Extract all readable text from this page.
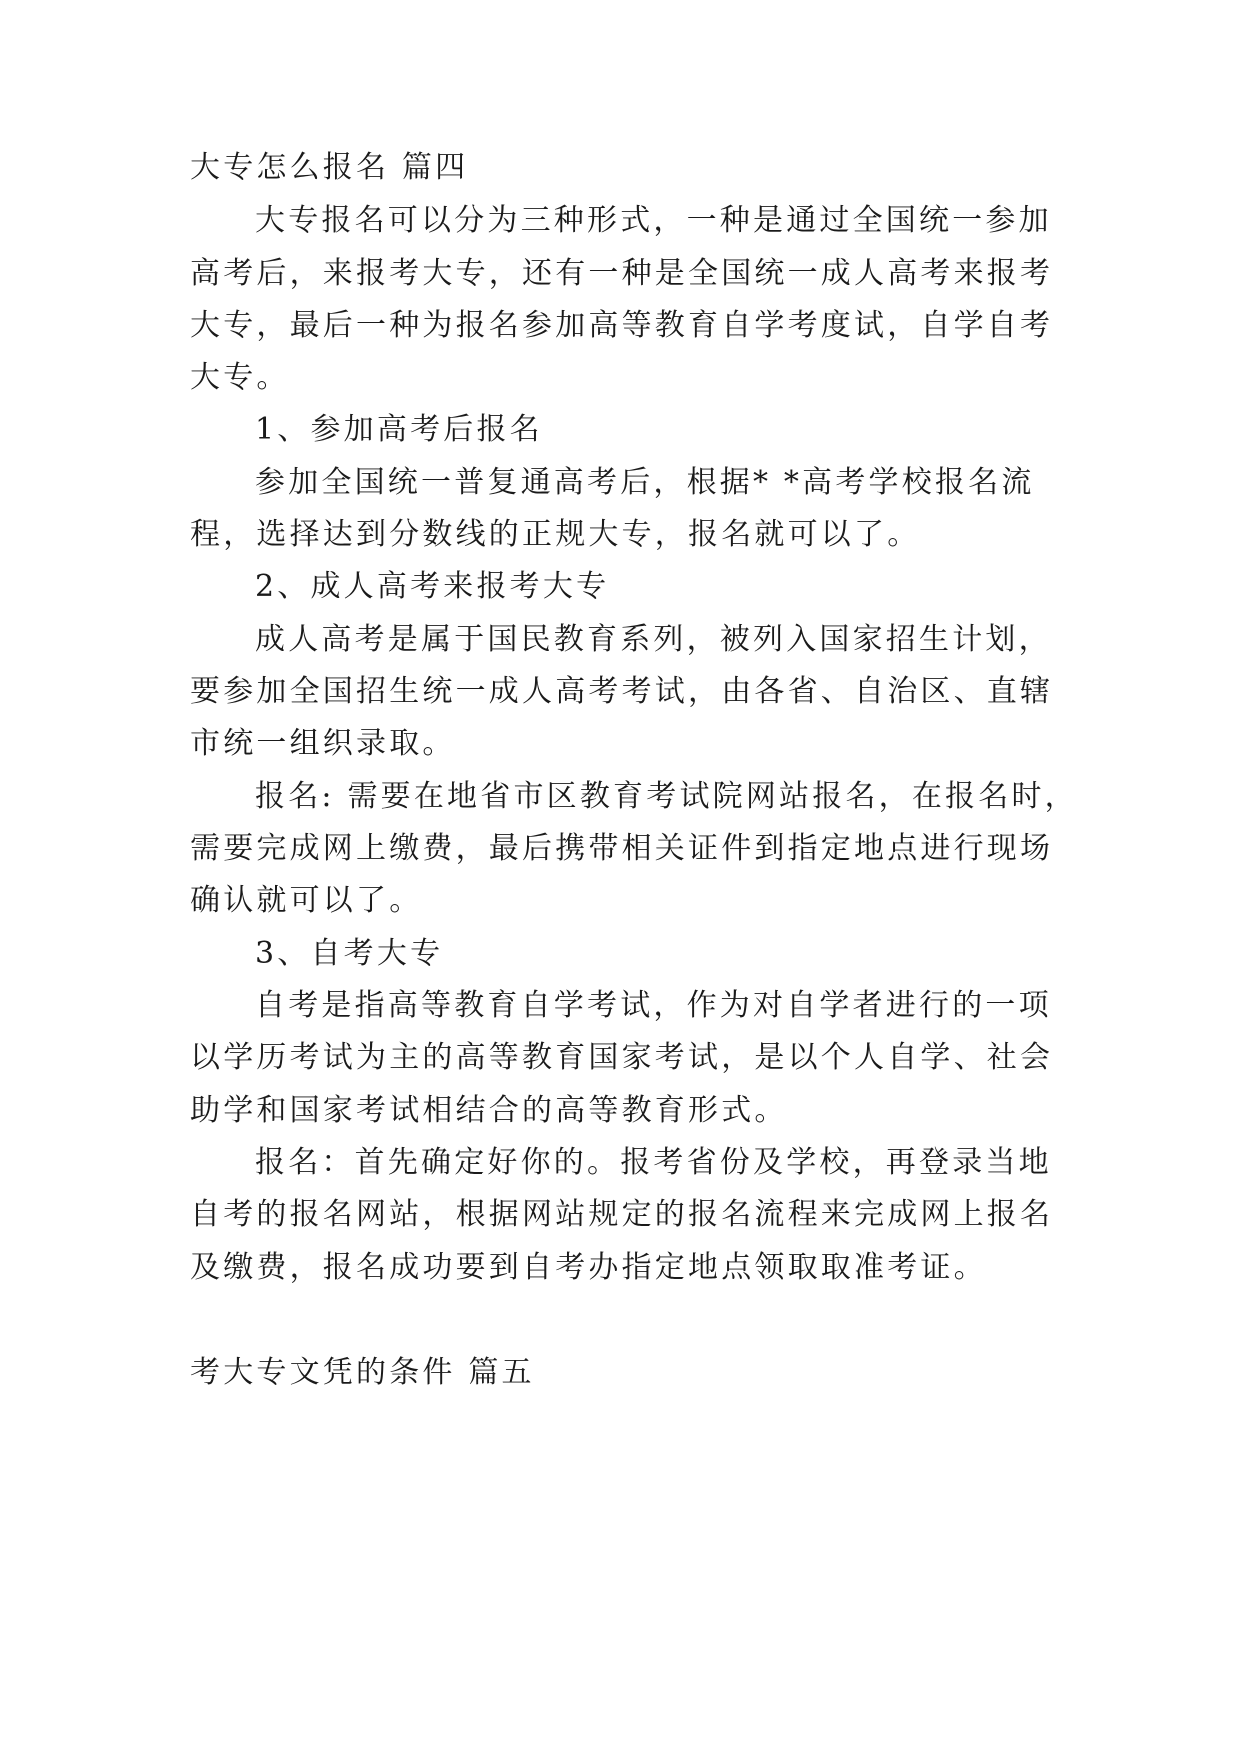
大专怎么报名 篇四
大专报名可以分为三种形式，一种是通过全国统一参加
高考后，来报考大专，还有一种是全国统一成人高考来报考
大专，最后一种为报名参加高等教育自学考度试，自学自考
大专。
1、参加高考后报名
参加全国统一普复通高考后，根据* *高考学校报名流
程，选择达到分数线的正规大专，报名就可以了。
2、成人高考来报考大专
成人高考是属于国民教育系列，被列入国家招生计划，
要参加全国招生统一成人高考考试，由各省、自治区、直辖
市统一组织录取。
报名: 需要在地省市区教育考试院网站报名，在报名时，
需要完成网上缴费，最后携带相关证件到指定地点进行现场
确认就可以了。
3、自考大专
自考是指高等教育自学考试，作为对自学者进行的一项
以学历考试为主的高等教育国家考试，是以个人自学、社会
助学和国家考试相结合的高等教育形式。
报名：首先确定好你的。报考省份及学校，再登录当地
自考的报名网站，根据网站规定的报名流程来完成网上报名
及缴费，报名成功要到自考办指定地点领取取准考证。
考大专文凭的条件 篇五
